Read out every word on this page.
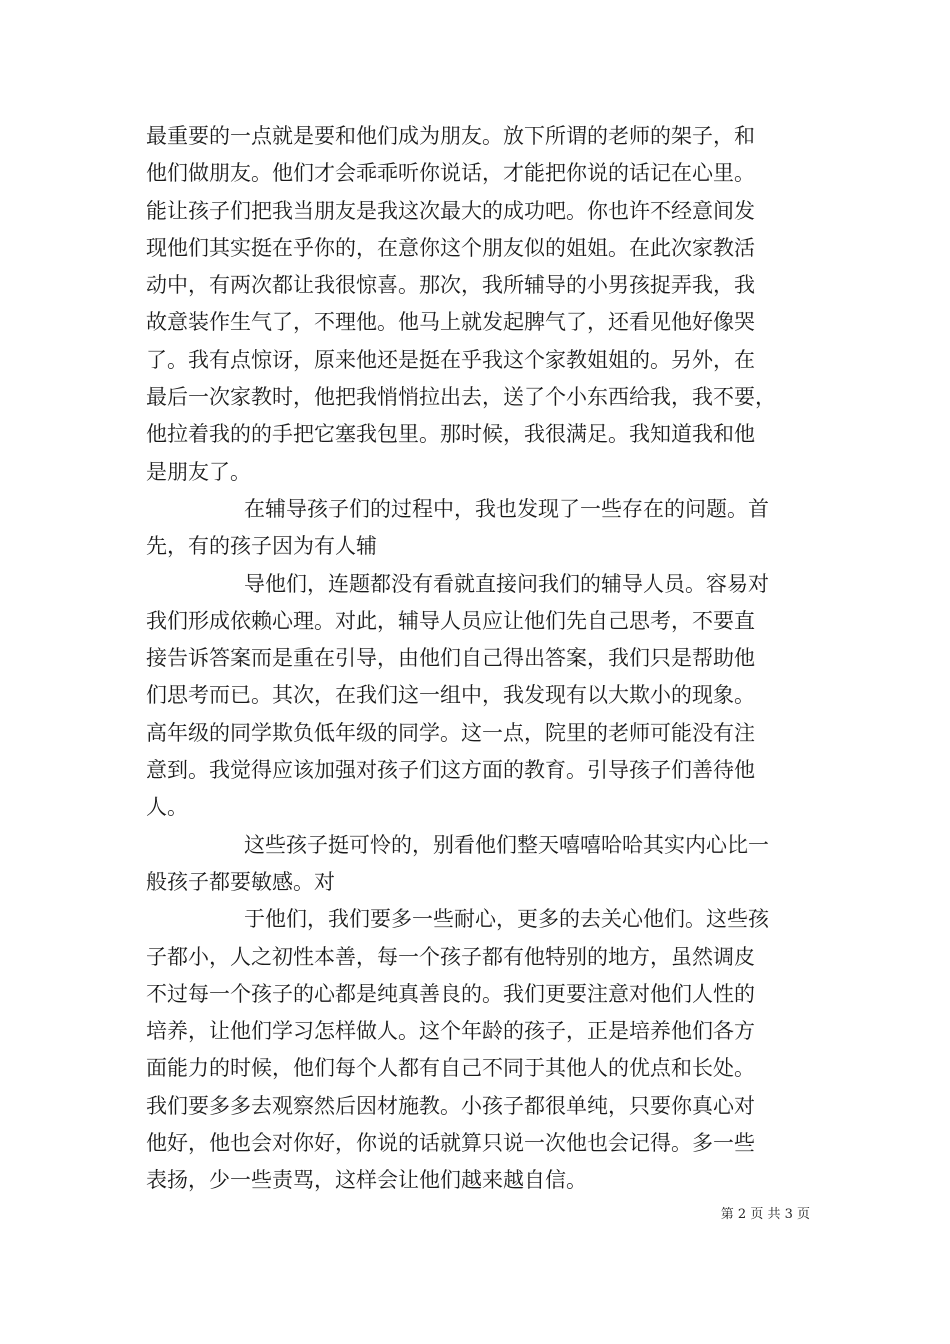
最重要的一点就是要和他们成为朋友。放下所谓的老师的架子，和
他们做朋友。他们才会乖乖听你说话，才能把你说的话记在心里。
能让孩子们把我当朋友是我这次最大的成功吧。你也许不经意间发
现他们其实挺在乎你的，在意你这个朋友似的姐姐。在此次家教活
动中，有两次都让我很惊喜。那次，我所辅导的小男孩捉弄我，我
故意装作生气了，不理他。他马上就发起脾气了，还看见他好像哭
了。我有点惊讶，原来他还是挺在乎我这个家教姐姐的。另外，在
最后一次家教时，他把我悄悄拉出去，送了个小东西给我，我不要，
他拉着我的的手把它塞我包里。那时候，我很满足。我知道我和他
是朋友了。
在辅导孩子们的过程中，我也发现了一些存在的问题。首
先，有的孩子因为有人辅
导他们，连题都没有看就直接问我们的辅导人员。容易对
我们形成依赖心理。对此，辅导人员应让他们先自己思考，不要直
接告诉答案而是重在引导，由他们自己得出答案，我们只是帮助他
们思考而已。其次，在我们这一组中，我发现有以大欺小的现象。
高年级的同学欺负低年级的同学。这一点，院里的老师可能没有注
意到。我觉得应该加强对孩子们这方面的教育。引导孩子们善待他
人。
这些孩子挺可怜的，别看他们整天嘻嘻哈哈其实内心比一
般孩子都要敏感。对
于他们，我们要多一些耐心，更多的去关心他们。这些孩
子都小，人之初性本善，每一个孩子都有他特别的地方，虽然调皮
不过每一个孩子的心都是纯真善良的。我们更要注意对他们人性的
培养，让他们学习怎样做人。这个年龄的孩子，正是培养他们各方
面能力的时候，他们每个人都有自己不同于其他人的优点和长处。
我们要多多去观察然后因材施教。小孩子都很单纯，只要你真心对
他好，他也会对你好，你说的话就算只说一次他也会记得。多一些
表扬，少一些责骂，这样会让他们越来越自信。
第 2 页 共 3 页
